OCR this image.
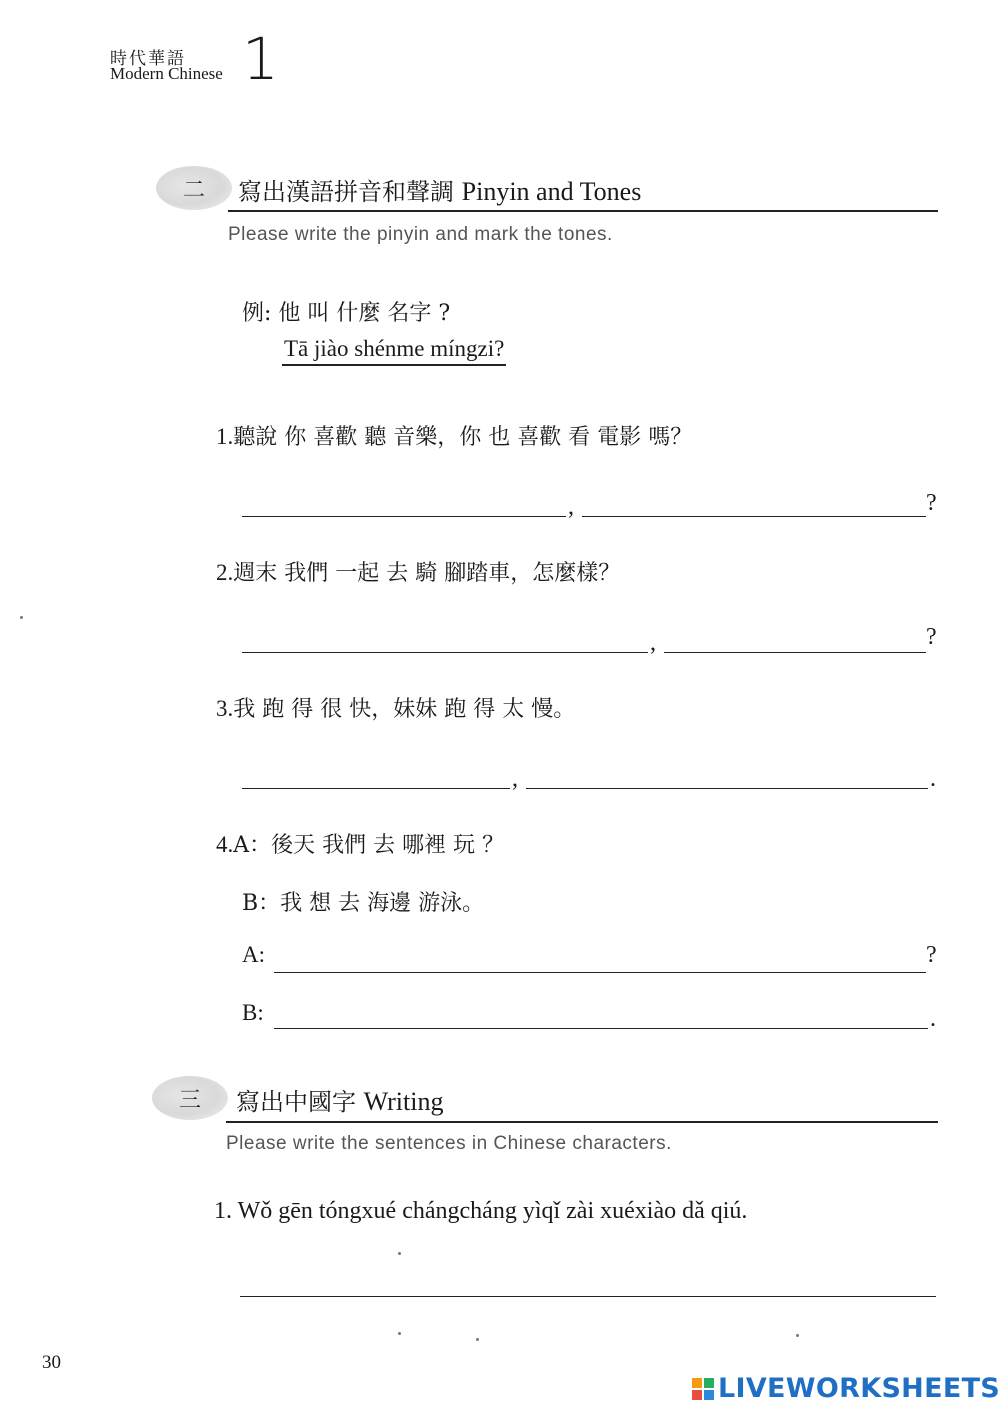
時代華語
Modern Chinese 1
二	寫出漢語拼音和聲調 Pinyin and Tones
Please write the pinyin and mark the tones.
例: 他 叫 什麼 名字 ?
Tā jiào shénme míngzi?
1.聽說 你 喜歡 聽 音樂，你 也 喜歡 看 電影 嗎？
,	?
2.週末 我們 一起 去 騎 腳踏車，怎麼樣？
,	?
3.我 跑 得 很 快，妹妹 跑 得 太 慢。
,	.
4.A：後天 我們 去 哪裡 玩 ？
B：我 想 去 海邊 游泳。
A:	?
B:	.
三	寫出中國字 Writing
Please write the sentences in Chinese characters.
1. Wǒ gēn tóngxué chángcháng yìqǐ zài xuéxiào dǎ qiú.
30
LIVEWORKSHEETS
